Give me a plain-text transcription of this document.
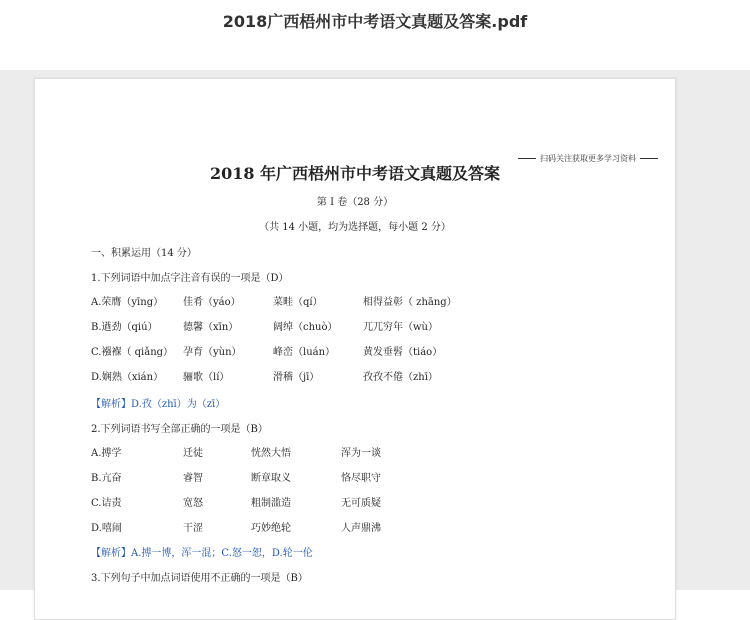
2018广西梧州市中考语文真题及答案.pdf
扫码关注获取更多学习资料
2018 年广西梧州市中考语文真题及答案
第 I 卷（28 分）
（共 14 小题，均为选择题，每小题 2 分）
一、积累运用（14 分）
1.下列词语中加点字注音有误的一项是（D）
A.荣膺（yīng） 佳肴（yáo）	菜畦（qí）	相得益彰（ zhāng）
B.遒劲（qiú）	德馨（xīn）	阔绰（chuò）	兀兀穷年（wù）
C.襁褓（ qiǎng） 孕育（yùn）	峰峦（luán）	黄发垂髫（tiáo）
D.娴熟（xián） 骊歌（lí）	滑稽（jī）	孜孜不倦（zhī）
【解析】D.孜（zhī）为（zī）
2.下列词语书写全部正确的一项是（B）
A.搏学	迁徒	恍然大悟	浑为一谈
B.亢奋	睿智	断章取义	恪尽职守
C.诘责	宽怒	粗制滥造	无可质疑
D.嘻闹	干涩	巧妙绝轮	人声鼎沸
【解析】A.搏一博，浑一混；C.怒一恕，D.轮一伦
3.下列句子中加点词语使用不正确的一项是（B）
